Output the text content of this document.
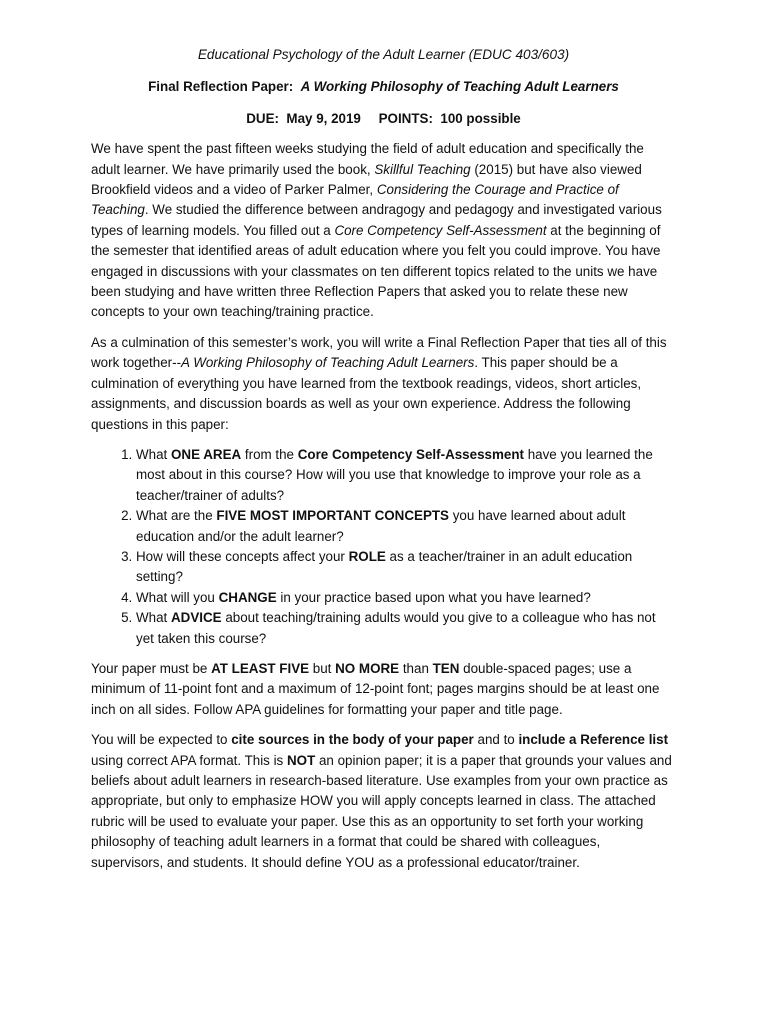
Educational Psychology of the Adult Learner (EDUC 403/603)
Final Reflection Paper: A Working Philosophy of Teaching Adult Learners
DUE: May 9, 2019 POINTS: 100 possible

We have spent the past fifteen weeks studying the field of adult education and specifically the adult learner. We have primarily used the book, Skillful Teaching (2015) but have also viewed Brookfield videos and a video of Parker Palmer, Considering the Courage and Practice of Teaching. We studied the difference between andragogy and pedagogy and investigated various types of learning models. You filled out a Core Competency Self-Assessment at the beginning of the semester that identified areas of adult education where you felt you could improve. You have engaged in discussions with your classmates on ten different topics related to the units we have been studying and have written three Reflection Papers that asked you to relate these new concepts to your own teaching/training practice.

As a culmination of this semester’s work, you will write a Final Reflection Paper that ties all of this work together--A Working Philosophy of Teaching Adult Learners. This paper should be a culmination of everything you have learned from the textbook readings, videos, short articles, assignments, and discussion boards as well as your own experience. Address the following questions in this paper:

1. What ONE AREA from the Core Competency Self-Assessment have you learned the most about in this course? How will you use that knowledge to improve your role as a teacher/trainer of adults?
2. What are the FIVE MOST IMPORTANT CONCEPTS you have learned about adult education and/or the adult learner?
3. How will these concepts affect your ROLE as a teacher/trainer in an adult education setting?
4. What will you CHANGE in your practice based upon what you have learned?
5. What ADVICE about teaching/training adults would you give to a colleague who has not yet taken this course?

Your paper must be AT LEAST FIVE but NO MORE than TEN double-spaced pages; use a minimum of 11-point font and a maximum of 12-point font; pages margins should be at least one inch on all sides. Follow APA guidelines for formatting your paper and title page.

You will be expected to cite sources in the body of your paper and to include a Reference list using correct APA format. This is NOT an opinion paper; it is a paper that grounds your values and beliefs about adult learners in research-based literature. Use examples from your own practice as appropriate, but only to emphasize HOW you will apply concepts learned in class. The attached rubric will be used to evaluate your paper. Use this as an opportunity to set forth your working philosophy of teaching adult learners in a format that could be shared with colleagues, supervisors, and students. It should define YOU as a professional educator/trainer.
